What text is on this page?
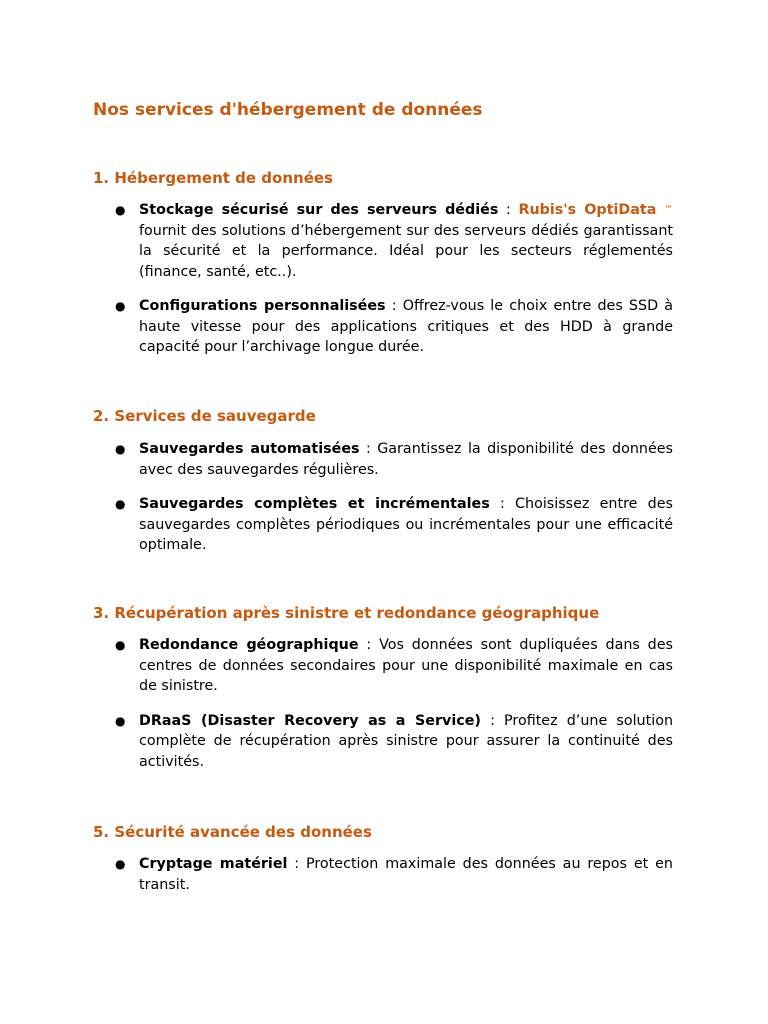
Nos services d'hébergement de données
1. Hébergement de données
● Stockage sécurisé sur des serveurs dédiés : Rubis's OptiData ™ fournit des solutions d’hébergement sur des serveurs dédiés garantissant la sécurité et la performance. Idéal pour les secteurs réglementés (finance, santé, etc..).
● Configurations personnalisées : Offrez-vous le choix entre des SSD à haute vitesse pour des applications critiques et des HDD à grande capacité pour l’archivage longue durée.
2. Services de sauvegarde
● Sauvegardes automatisées : Garantissez la disponibilité des données avec des sauvegardes régulières.
● Sauvegardes complètes et incrémentales : Choisissez entre des sauvegardes complètes périodiques ou incrémentales pour une efficacité optimale.
3. Récupération après sinistre et redondance géographique
● Redondance géographique : Vos données sont dupliquées dans des centres de données secondaires pour une disponibilité maximale en cas de sinistre.
● DRaaS (Disaster Recovery as a Service) : Profitez d’une solution complète de récupération après sinistre pour assurer la continuité des activités.
5. Sécurité avancée des données
● Cryptage matériel : Protection maximale des données au repos et en transit.
